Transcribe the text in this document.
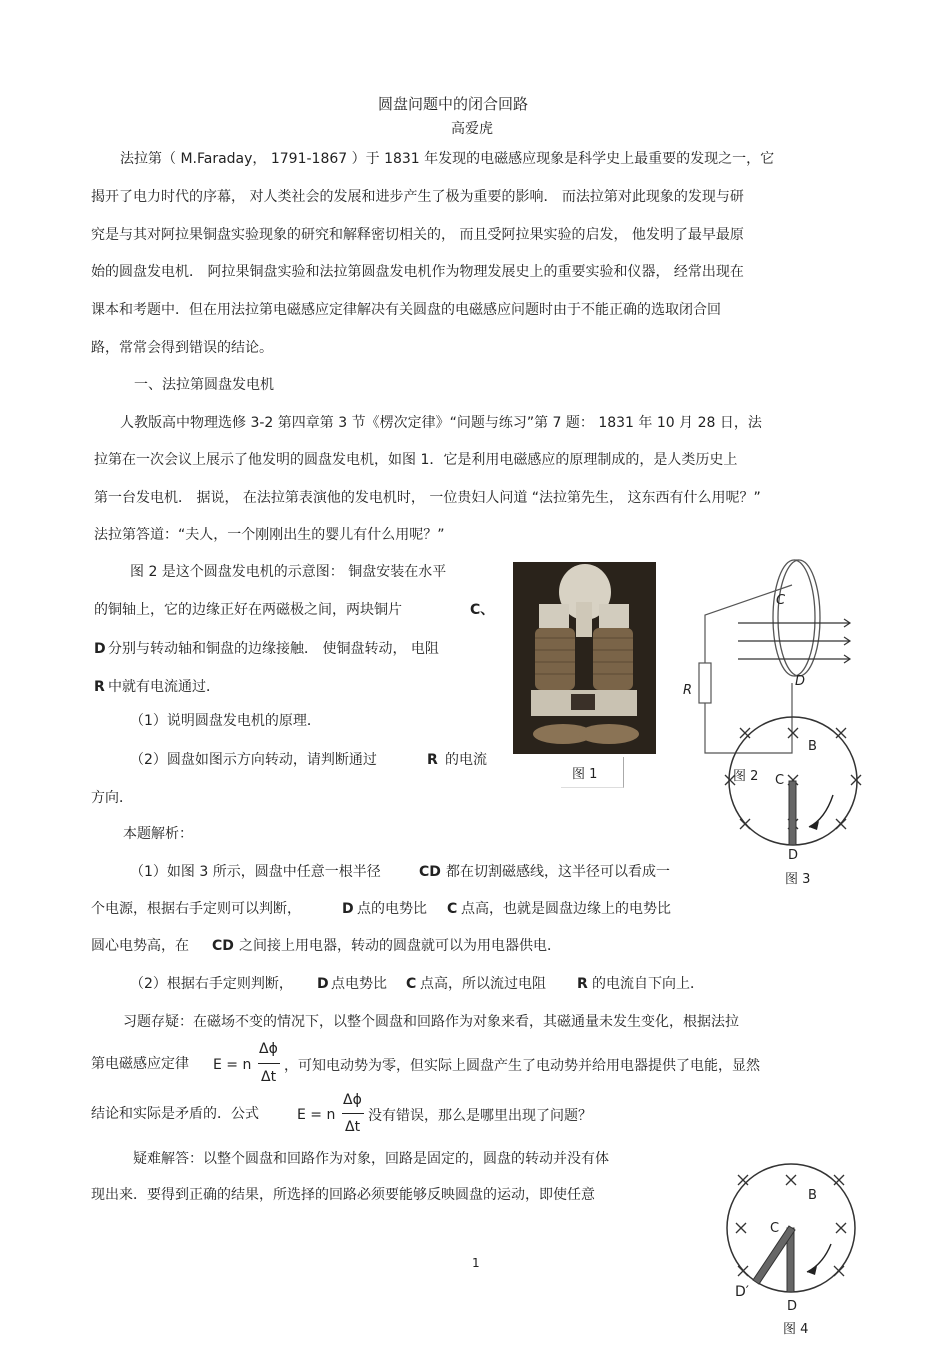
圆盘问题中的闭合回路
高爱虎
法拉第（ M.Faraday， 1791-1867 ）于 1831 年发现的电磁感应现象是科学史上最重要的发现之一，它
揭开了电力时代的序幕， 对人类社会的发展和进步产生了极为重要的影响． 而法拉第对此现象的发现与研
究是与其对阿拉果铜盘实验现象的研究和解释密切相关的， 而且受阿拉果实验的启发， 他发明了最早最原
始的圆盘发电机． 阿拉果铜盘实验和法拉第圆盘发电机作为物理发展史上的重要实验和仪器， 经常出现在
课本和考题中．但在用法拉第电磁感应定律解决有关圆盘的电磁感应问题时由于不能正确的选取闭合回
路，常常会得到错误的结论。
一、法拉第圆盘发电机
人教版高中物理选修 3-2 第四章第 3 节《楞次定律》“问题与练习”第 7 题： 1831 年 10 月 28 日，法
拉第在一次会议上展示了他发明的圆盘发电机，如图 1．它是利用电磁感应的原理制成的，是人类历史上
第一台发电机． 据说， 在法拉第表演他的发电机时， 一位贵妇人问道 “法拉第先生， 这东西有什么用呢？”
法拉第答道：“夫人，一个刚刚出生的婴儿有什么用呢？”
图 2 是这个圆盘发电机的示意图： 铜盘安装在水平
的铜轴上，它的边缘正好在两磁极之间，两块铜片	C、
D 分别与转动轴和铜盘的边缘接触． 使铜盘转动， 电阻
R 中就有电流通过．
（1）说明圆盘发电机的原理．
（2）圆盘如图示方向转动，请判断通过	R 的电流
方向．
本题解析：
（1）如图 3 所示，圆盘中任意一根半径	CD 都在切割磁感线，这半径可以看成一
个电源，根据右手定则可以判断，	D 点的电势比 C 点高，也就是圆盘边缘上的电势比
圆心电势高，在 CD 之间接上用电器，转动的圆盘就可以为用电器供电．
（2）根据右手定则判断， D 点电势比 C 点高，所以流过电阻 R 的电流自下向上．
习题存疑：在磁场不变的情况下，以整个圆盘和回路作为对象来看，其磁通量未发生变化，根据法拉
第电磁感应定律 E = n
Δϕ
Δt
，可知电动势为零，但实际上圆盘产生了电动势并给用电器提供了电能，显然
结论和实际是矛盾的．公式	E = n
Δϕ
Δt
没有错误，那么是哪里出现了问题？
疑难解答：以整个圆盘和回路作为对象，回路是固定的，圆盘的转动并没有体
现出来．要得到正确的结果，所选择的回路必须要能够反映圆盘的运动，即使任意
1
图 1
C
D
R
图 2
B
C
D
图 3
B
C
D′
D
图 4
